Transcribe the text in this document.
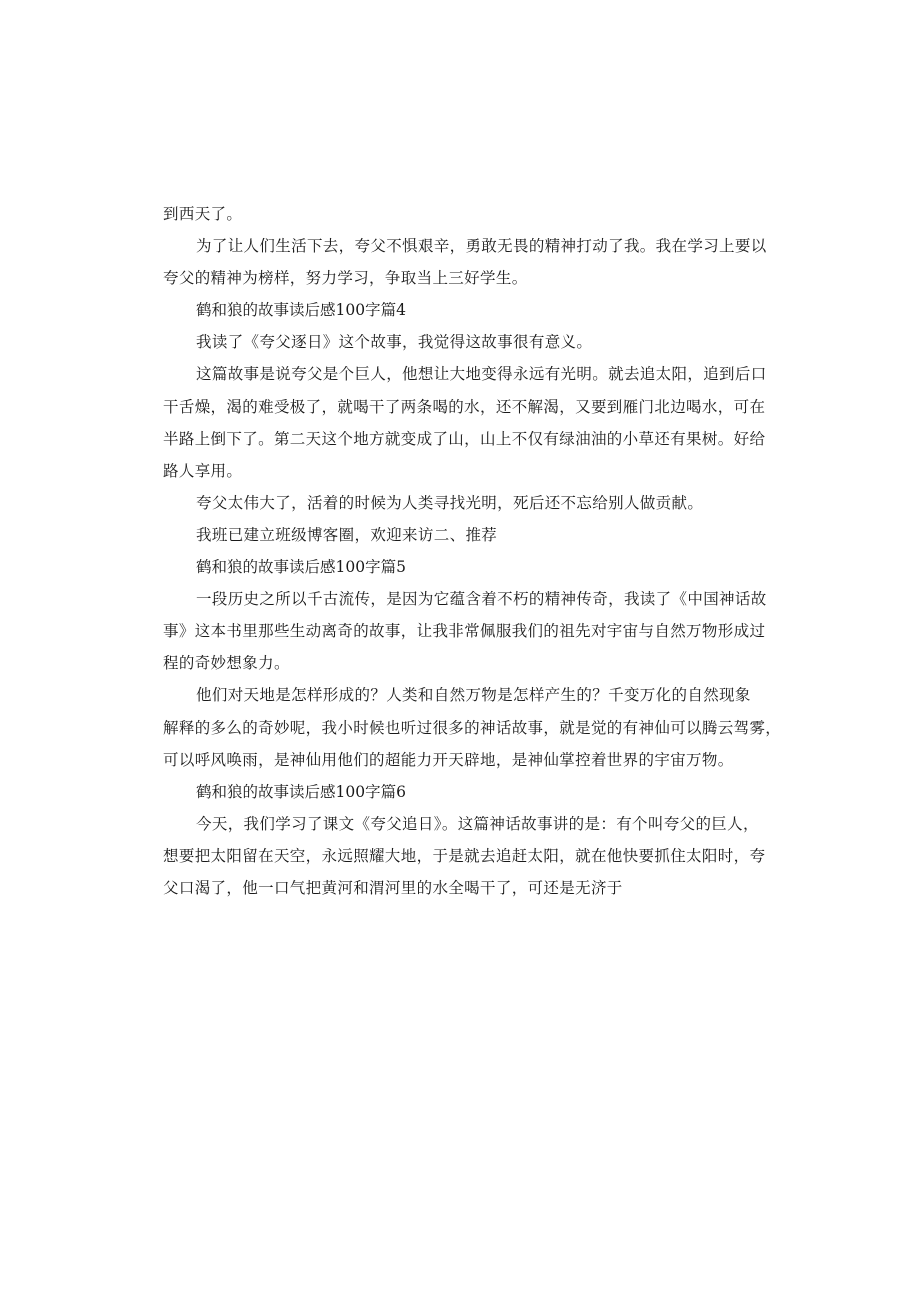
到西天了。
为了让人们生活下去，夸父不惧艰辛，勇敢无畏的精神打动了我。我在学习上要以
夸父的精神为榜样，努力学习，争取当上三好学生。
鹤和狼的故事读后感100字篇4
我读了《夸父逐日》这个故事，我觉得这故事很有意义。
这篇故事是说夸父是个巨人，他想让大地变得永远有光明。就去追太阳，追到后口
干舌燥，渴的难受极了，就喝干了两条喝的水，还不解渴，又要到雁门北边喝水，可在
半路上倒下了。第二天这个地方就变成了山，山上不仅有绿油油的小草还有果树。好给
路人享用。
夸父太伟大了，活着的时候为人类寻找光明，死后还不忘给别人做贡献。
我班已建立班级博客圈，欢迎来访二、推荐
鹤和狼的故事读后感100字篇5
一段历史之所以千古流传，是因为它蕴含着不朽的精神传奇，我读了《中国神话故
事》这本书里那些生动离奇的故事，让我非常佩服我们的祖先对宇宙与自然万物形成过
程的奇妙想象力。
他们对天地是怎样形成的？人类和自然万物是怎样产生的？千变万化的自然现象
解释的多么的奇妙呢，我小时候也听过很多的神话故事，就是觉的有神仙可以腾云驾雾，
可以呼风唤雨，是神仙用他们的超能力开天辟地，是神仙掌控着世界的宇宙万物。
鹤和狼的故事读后感100字篇6
今天，我们学习了课文《夸父追日》。这篇神话故事讲的是：有个叫夸父的巨人，
想要把太阳留在天空，永远照耀大地，于是就去追赶太阳，就在他快要抓住太阳时，夸
父口渴了，他一口气把黄河和渭河里的水全喝干了，可还是无济于
